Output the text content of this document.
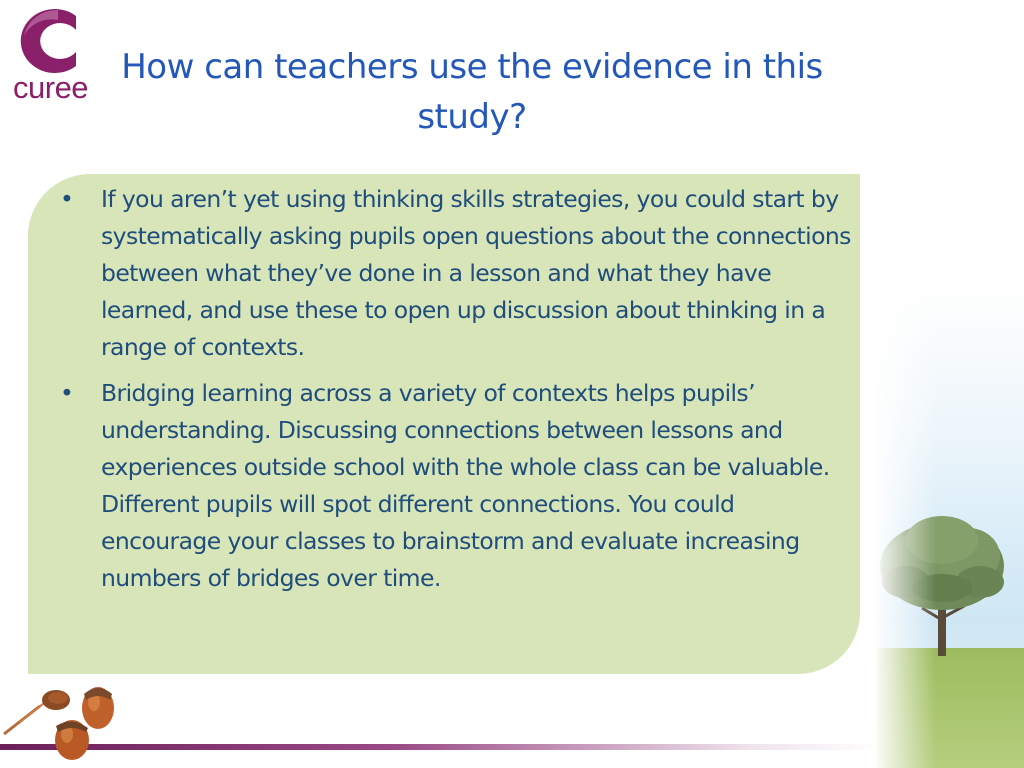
curee
How can teachers use the evidence in this study?
• If you aren’t yet using thinking skills strategies, you could start by systematically asking pupils open questions about the connections between what they’ve done in a lesson and what they have learned, and use these to open up discussion about thinking in a range of contexts.
• Bridging learning across a variety of contexts helps pupils’ understanding. Discussing connections between lessons and experiences outside school with the whole class can be valuable. Different pupils will spot different connections. You could encourage your classes to brainstorm and evaluate increasing numbers of bridges over time.
